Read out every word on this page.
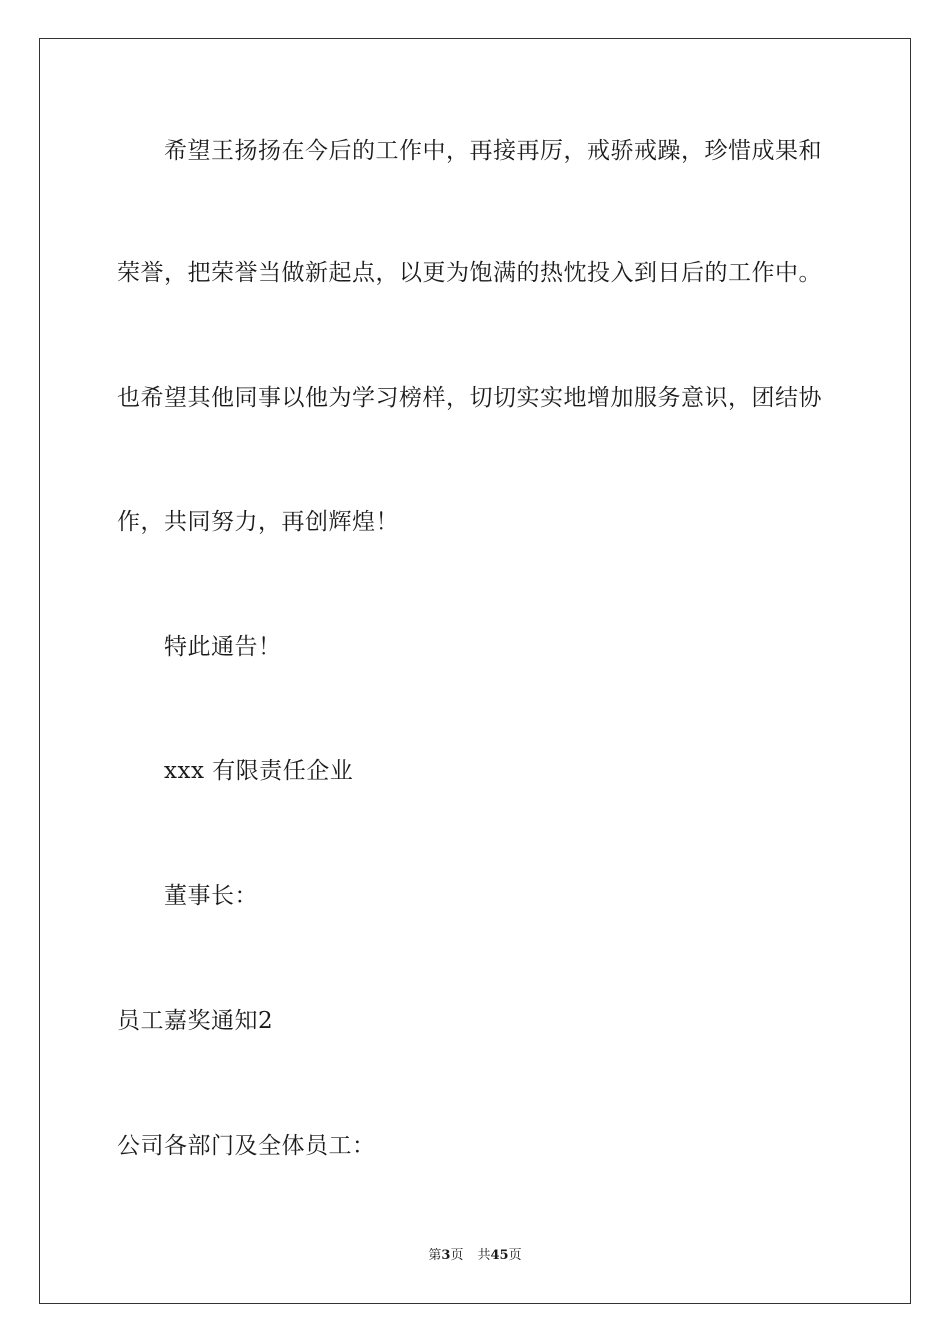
希望王扬扬在今后的工作中，再接再厉，戒骄戒躁，珍惜成果和
荣誉，把荣誉当做新起点，以更为饱满的热忱投入到日后的工作中。
也希望其他同事以他为学习榜样，切切实实地增加服务意识，团结协
作，共同努力，再创辉煌！
特此通告！
xxx 有限责任企业
董事长：
员工嘉奖通知2
公司各部门及全体员工：
第3页 共45页
